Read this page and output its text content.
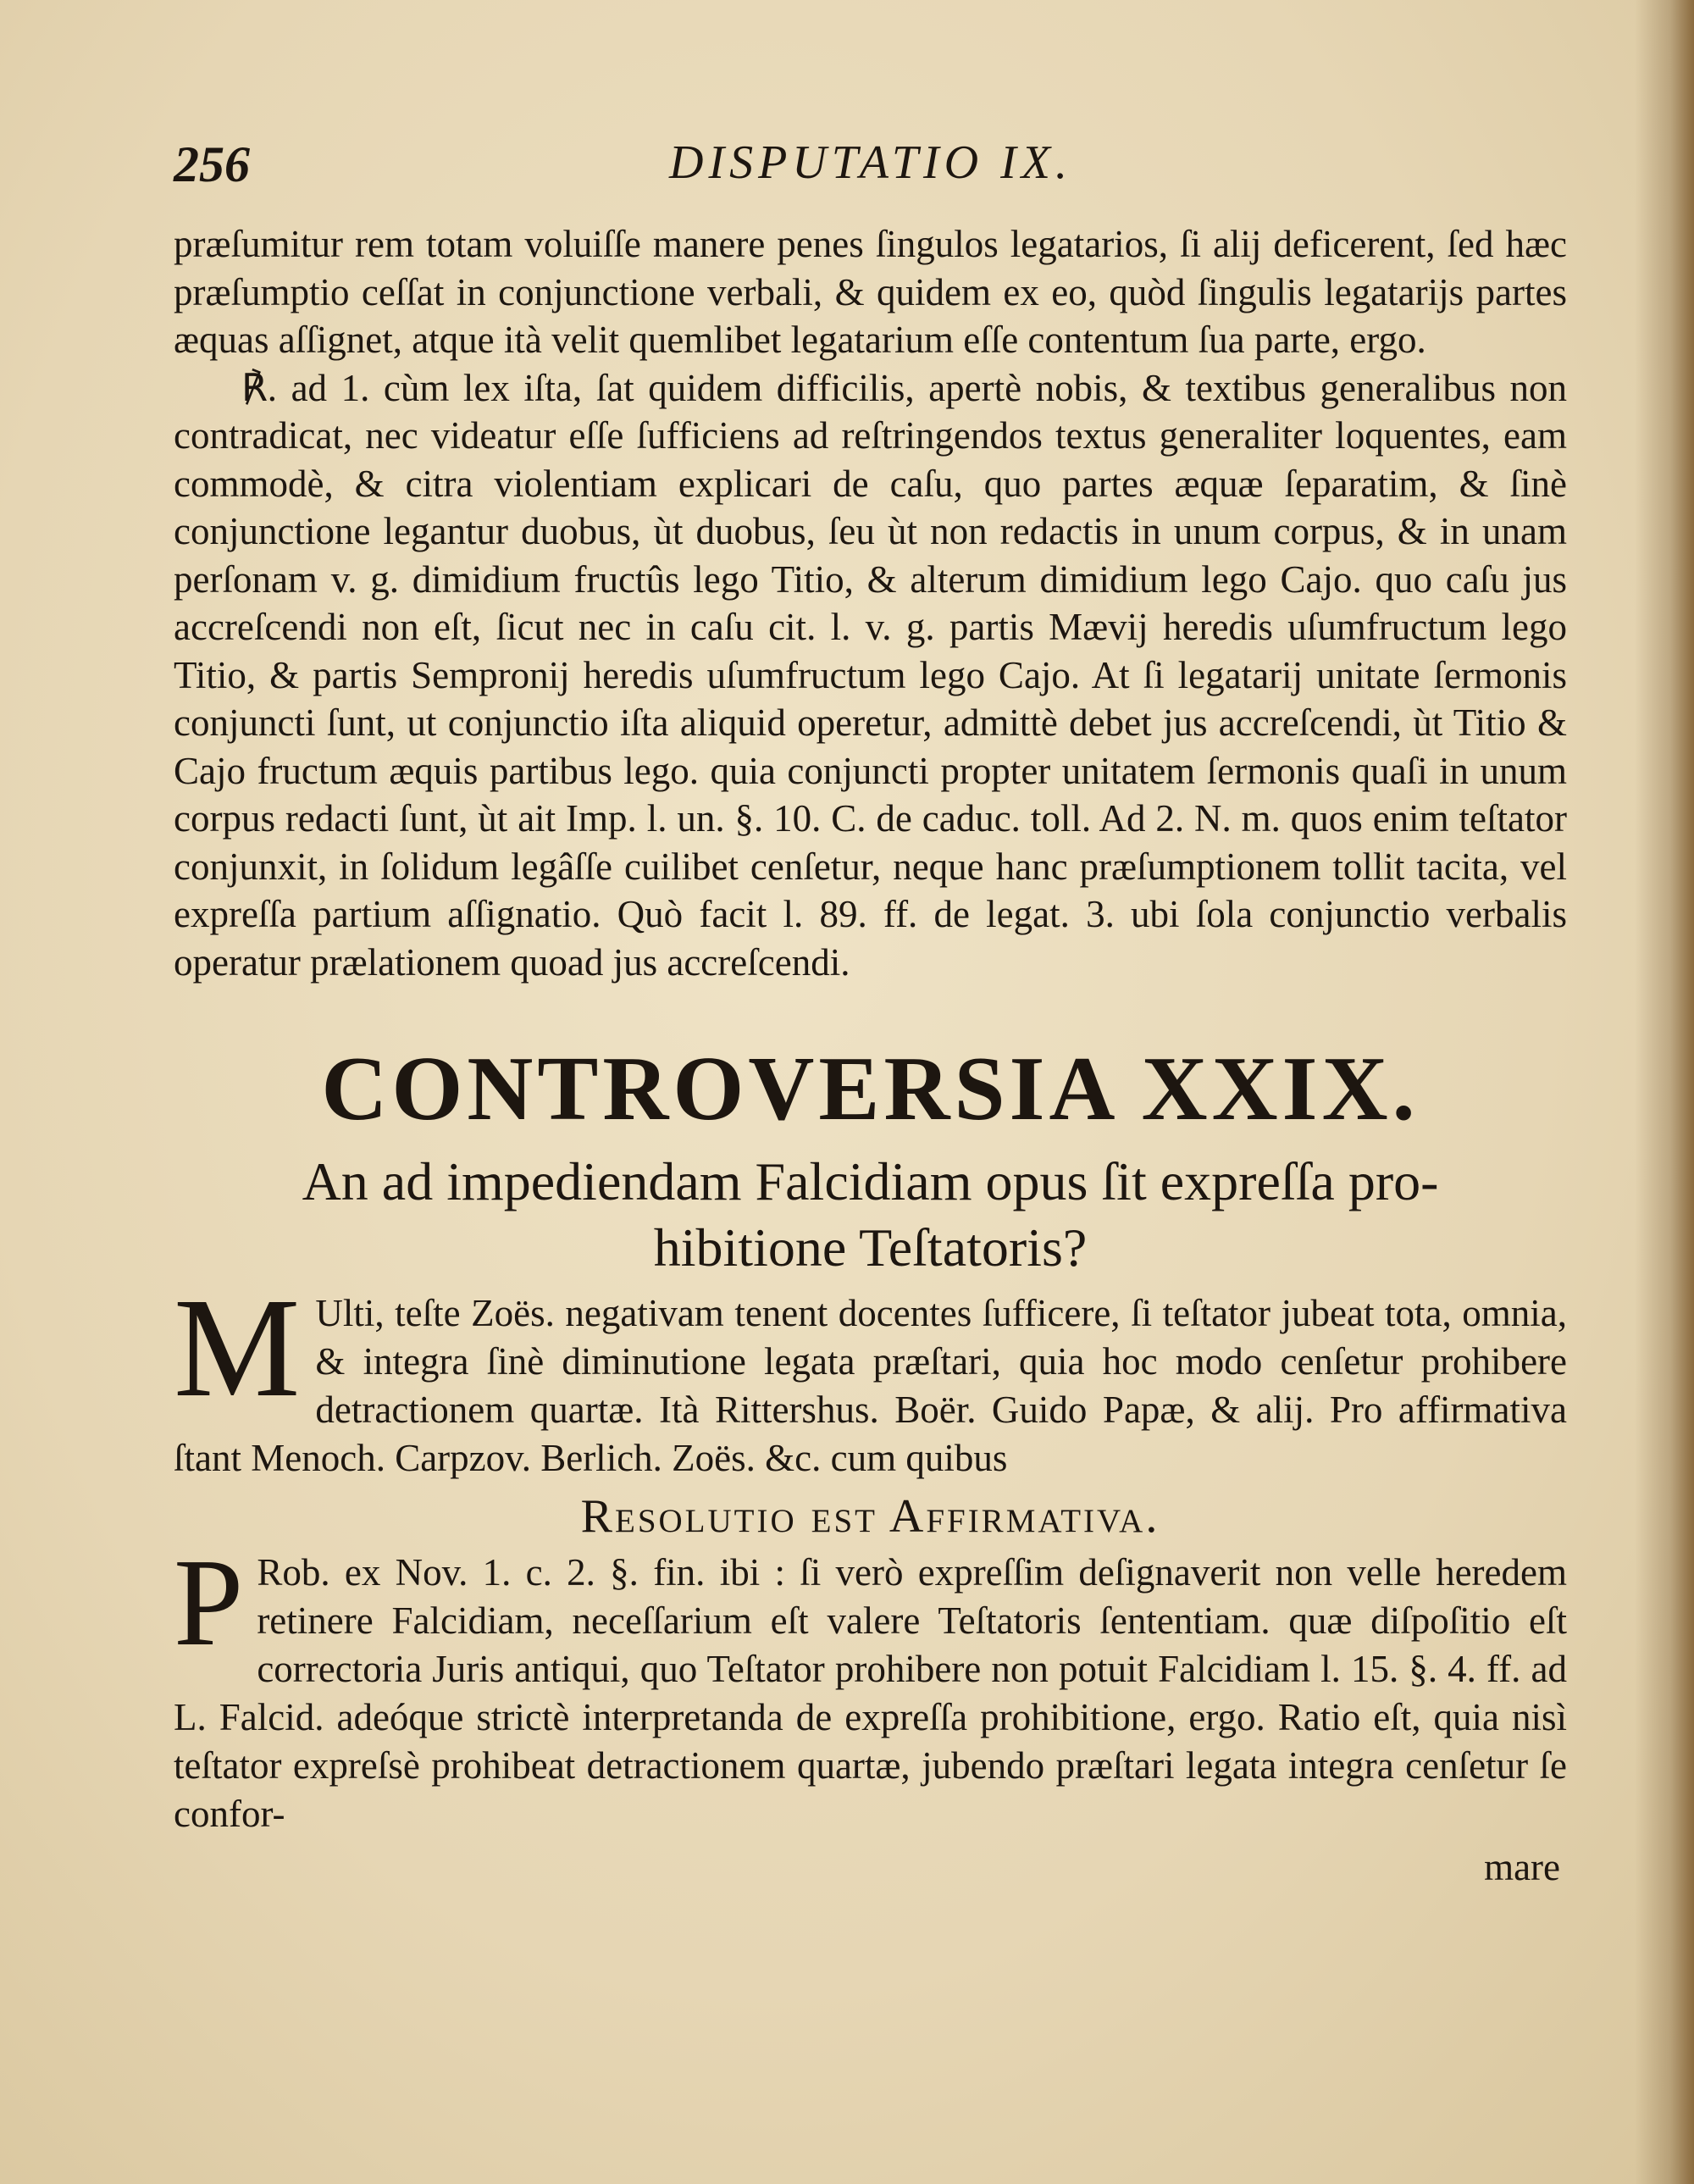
256	DISPUTATIO IX.

præſumitur rem totam voluiſſe manere penes ſingulos legatarios, ſi alij deficerent, ſed hæc præſumptio ceſſat in conjunctione verbali, & quidem ex eo, quòd ſingulis legatarijs partes æquas aſſignet, atque ità velit quemlibet legatarium eſſe contentum ſua parte, ergo.

℟. ad 1. cùm lex iſta, ſat quidem difficilis, apertè nobis, & textibus generalibus non contradicat, nec videatur eſſe ſufficiens ad reſtringendos textus generaliter loquentes, eam commodè, & citra violentiam explicari de caſu, quo partes æquæ ſeparatim, & ſinè conjunctione legantur duobus, ùt duobus, ſeu ùt non redactis in unum corpus, & in unam perſonam v. g. dimidium fructûs lego Titio, & alterum dimidium lego Cajo. quo caſu jus accreſcendi non eſt, ſicut nec in caſu cit. l. v. g. partis Mævij heredis uſumfructum lego Titio, & partis Sempronij heredis uſumfructum lego Cajo. At ſi legatarij unitate ſermonis conjuncti ſunt, ut conjunctio iſta aliquid operetur, admittè debet jus accreſcendi, ùt Titio & Cajo fructum æquis partibus lego. quia conjuncti propter unitatem ſermonis quaſi in unum corpus redacti ſunt, ùt ait Imp. l. un. §. 10. C. de caduc. toll. Ad 2. N. m. quos enim teſtator conjunxit, in ſolidum legâſſe cuilibet cenſetur, neque hanc præſumptionem tollit tacita, vel expreſſa partium aſſignatio. Quò facit l. 89. ff. de legat. 3. ubi ſola conjunctio verbalis operatur prælationem quoad jus accreſcendi.

CONTROVERSIA XXIX.
An ad impediendam Falcidiam opus ſit expreſſa pro-
hibitione Teſtatoris?
M Ulti, teſte Zoës. negativam tenent docentes ſufficere, ſi teſtator jubeat tota, omnia, & integra ſinè diminutione legata præſtari, quia hoc modo cenſetur prohibere detractionem quartæ. Ità Rittershus. Boër. Guido Papæ, & alij. Pro affirmativa ſtant Menoch. Carpzov. Berlich. Zoës. &c. cum quibus

Resolutio est Affirmativa.
P Rob. ex Nov. 1. c. 2. §. fin. ibi : ſi verò expreſſim deſignaverit non velle heredem retinere Falcidiam, neceſſarium eſt valere Teſtatoris ſententiam. quæ diſpoſitio eſt correctoria Juris antiqui, quo Teſtator prohibere non potuit Falcidiam l. 15. §. 4. ff. ad L. Falcid. adeóque strictè interpretanda de expreſſa prohibitione, ergo. Ratio eſt, quia nisì teſtator expreſsè prohibeat detractionem quartæ, jubendo præſtari legata integra cenſetur ſe confor-

mare
